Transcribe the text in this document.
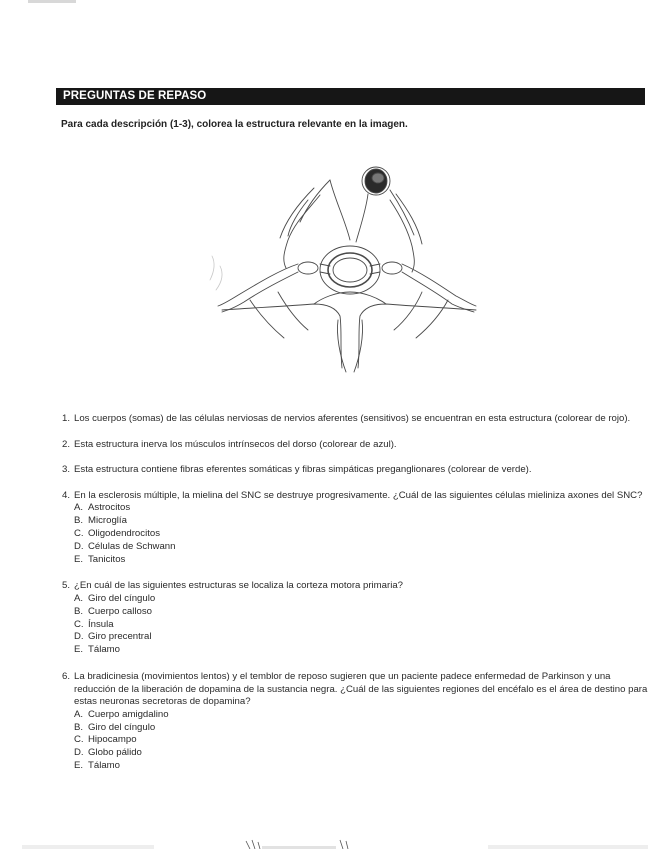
PREGUNTAS DE REPASO
Para cada descripción (1-3), colorea la estructura relevante en la imagen.
1. Los cuerpos (somas) de las células nerviosas de nervios aferentes (sensitivos) se encuentran en esta estructura (colorear de rojo).
2. Esta estructura inerva los músculos intrínsecos del dorso (colorear de azul).
3. Esta estructura contiene fibras eferentes somáticas y fibras simpáticas preganglionares (colorear de verde).
4. En la esclerosis múltiple, la mielina del SNC se destruye progresivamente. ¿Cuál de las siguientes células mieliniza axones del SNC?
A. Astrocitos
B. Microglía
C. Oligodendrocitos
D. Células de Schwann
E. Tanicitos
5. ¿En cuál de las siguientes estructuras se localiza la corteza motora primaria?
A. Giro del cíngulo
B. Cuerpo calloso
C. Ínsula
D. Giro precentral
E. Tálamo
6. La bradicinesia (movimientos lentos) y el temblor de reposo sugieren que un paciente padece enfermedad de Parkinson y una reducción de la liberación de dopamina de la sustancia negra. ¿Cuál de las siguientes regiones del encéfalo es el área de destino para estas neuronas secretoras de dopamina?
A. Cuerpo amigdalino
B. Giro del cíngulo
C. Hipocampo
D. Globo pálido
E. Tálamo
